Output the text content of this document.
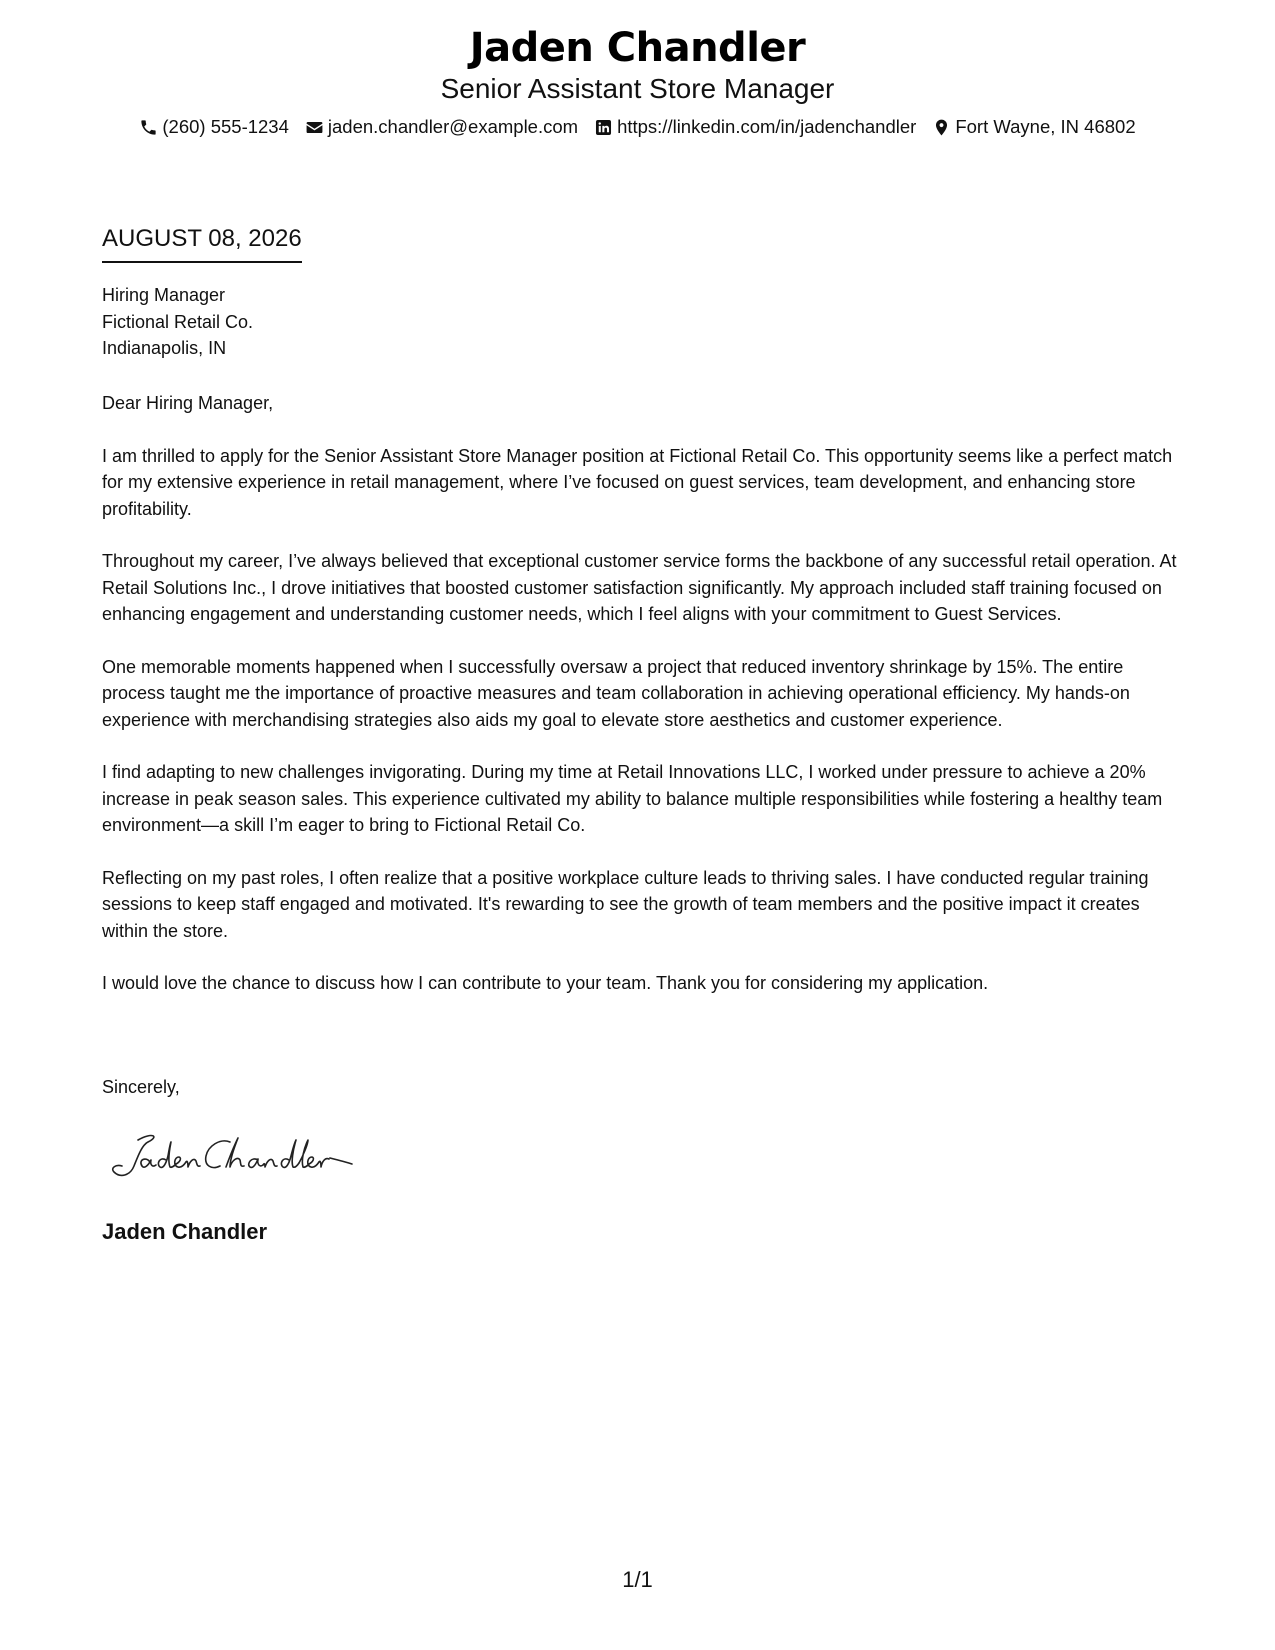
Jaden Chandler
Senior Assistant Store Manager
(260) 555-1234 jaden.chandler@example.com https://linkedin.com/in/jadenchandler Fort Wayne, IN 46802
AUGUST 08, 2026
Hiring Manager
Fictional Retail Co.
Indianapolis, IN

Dear Hiring Manager,

I am thrilled to apply for the Senior Assistant Store Manager position at Fictional Retail Co. This opportunity seems like a perfect match for my extensive experience in retail management, where I’ve focused on guest services, team development, and enhancing store profitability.

Throughout my career, I’ve always believed that exceptional customer service forms the backbone of any successful retail operation. At Retail Solutions Inc., I drove initiatives that boosted customer satisfaction significantly. My approach included staff training focused on enhancing engagement and understanding customer needs, which I feel aligns with your commitment to Guest Services.

One memorable moments happened when I successfully oversaw a project that reduced inventory shrinkage by 15%. The entire process taught me the importance of proactive measures and team collaboration in achieving operational efficiency. My hands-on experience with merchandising strategies also aids my goal to elevate store aesthetics and customer experience.

I find adapting to new challenges invigorating. During my time at Retail Innovations LLC, I worked under pressure to achieve a 20% increase in peak season sales. This experience cultivated my ability to balance multiple responsibilities while fostering a healthy team environment—a skill I’m eager to bring to Fictional Retail Co.

Reflecting on my past roles, I often realize that a positive workplace culture leads to thriving sales. I have conducted regular training sessions to keep staff engaged and motivated. It's rewarding to see the growth of team members and the positive impact it creates within the store.

I would love the chance to discuss how I can contribute to your team. Thank you for considering my application.

Sincerely,
Jaden Chandler
1/1
